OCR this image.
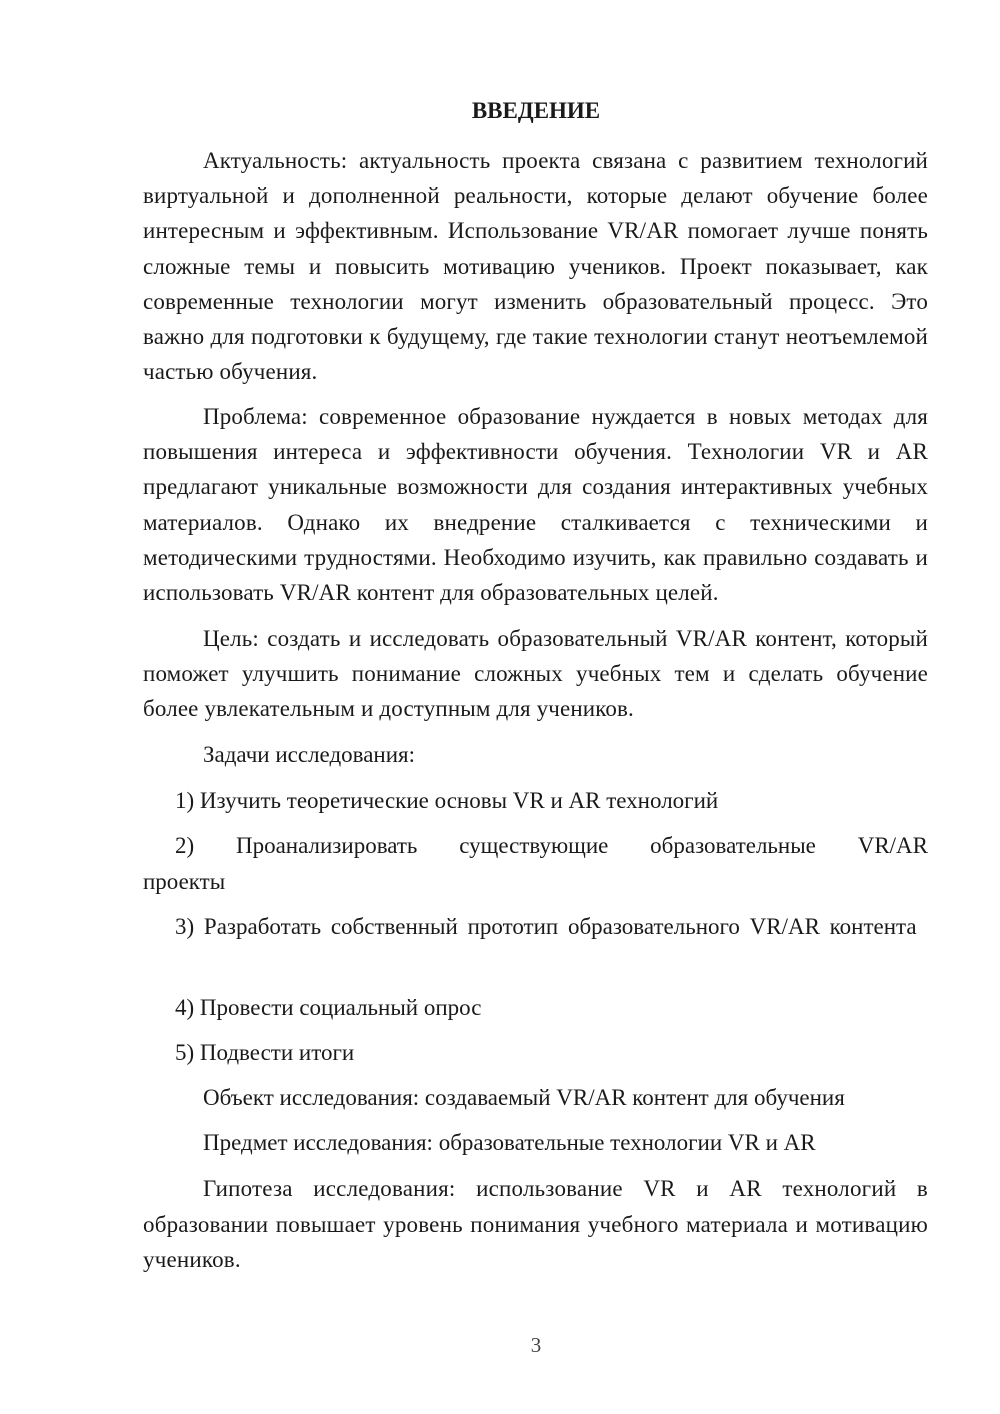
ВВЕДЕНИЕ

Актуальность: актуальность проекта связана с развитием технологий виртуальной и дополненной реальности, которые делают обучение более интересным и эффективным. Использование VR/AR помогает лучше понять сложные темы и повысить мотивацию учеников. Проект показывает, как современные технологии могут изменить образовательный процесс. Это важно для подготовки к будущему, где такие технологии станут неотъемлемой частью обучения.

Проблема: современное образование нуждается в новых методах для повышения интереса и эффективности обучения. Технологии VR и AR предлагают уникальные возможности для создания интерактивных учебных материалов. Однако их внедрение сталкивается с техническими и методическими трудностями. Необходимо изучить, как правильно создавать и использовать VR/AR контент для образовательных целей.

Цель: создать и исследовать образовательный VR/AR контент, который поможет улучшить понимание сложных учебных тем и сделать обучение более увлекательным и доступным для учеников.

Задачи исследования:

1) Изучить теоретические основы VR и AR технологий

2) Проанализировать существующие образовательные VR/AR проекты

3) Разработать собственный прототип образовательного VR/AR контента

4) Провести социальный опрос

5) Подвести итоги

Объект исследования: создаваемый VR/AR контент для обучения

Предмет исследования: образовательные технологии VR и AR

Гипотеза исследования: использование VR и AR технологий в образовании повышает уровень понимания учебного материала и мотивацию учеников.

3
